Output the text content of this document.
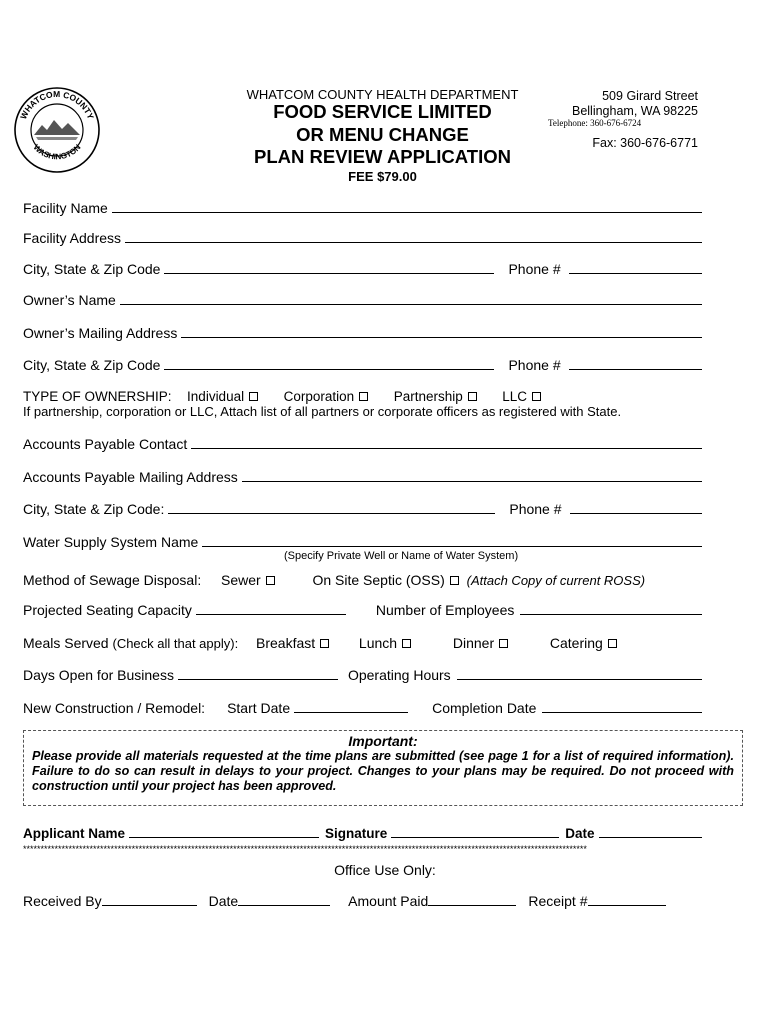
WHATCOM COUNTY
WASHINGTON
WHATCOM COUNTY HEALTH DEPARTMENT
FOOD SERVICE LIMITED
OR MENU CHANGE
PLAN REVIEW APPLICATION
FEE $79.00
509 Girard Street
Bellingham, WA 98225
Telephone: 360-676-6724
Fax: 360-676-6771
Facility Name
Facility Address
City, State & Zip Code	Phone #
Owner’s Name
Owner’s Mailing Address
City, State & Zip Code	Phone #
TYPE OF OWNERSHIP: Individual	Corporation	Partnership	LLC
If partnership, corporation or LLC, Attach list of all partners or corporate officers as registered with State.
Accounts Payable Contact
Accounts Payable Mailing Address
City, State & Zip Code:	Phone #
Water Supply System Name
(Specify Private Well or Name of Water System)
Method of Sewage Disposal: Sewer	On Site Septic (OSS) (Attach Copy of current ROSS)
Projected Seating Capacity	Number of Employees
Meals Served (Check all that apply): Breakfast	Lunch	Dinner	Catering
Days Open for Business	Operating Hours
New Construction / Remodel: Start Date	Completion Date
Important:
Please provide all materials requested at the time plans are submitted (see page 1 for a list of required information). Failure to do so can result in delays to your project. Changes to your plans may be required. Do not proceed with construction until your project has been approved.
Applicant Name	Signature	Date
*****************************************************************************************************************************************************************
Office Use Only:
Received By	Date	Amount Paid	Receipt #
